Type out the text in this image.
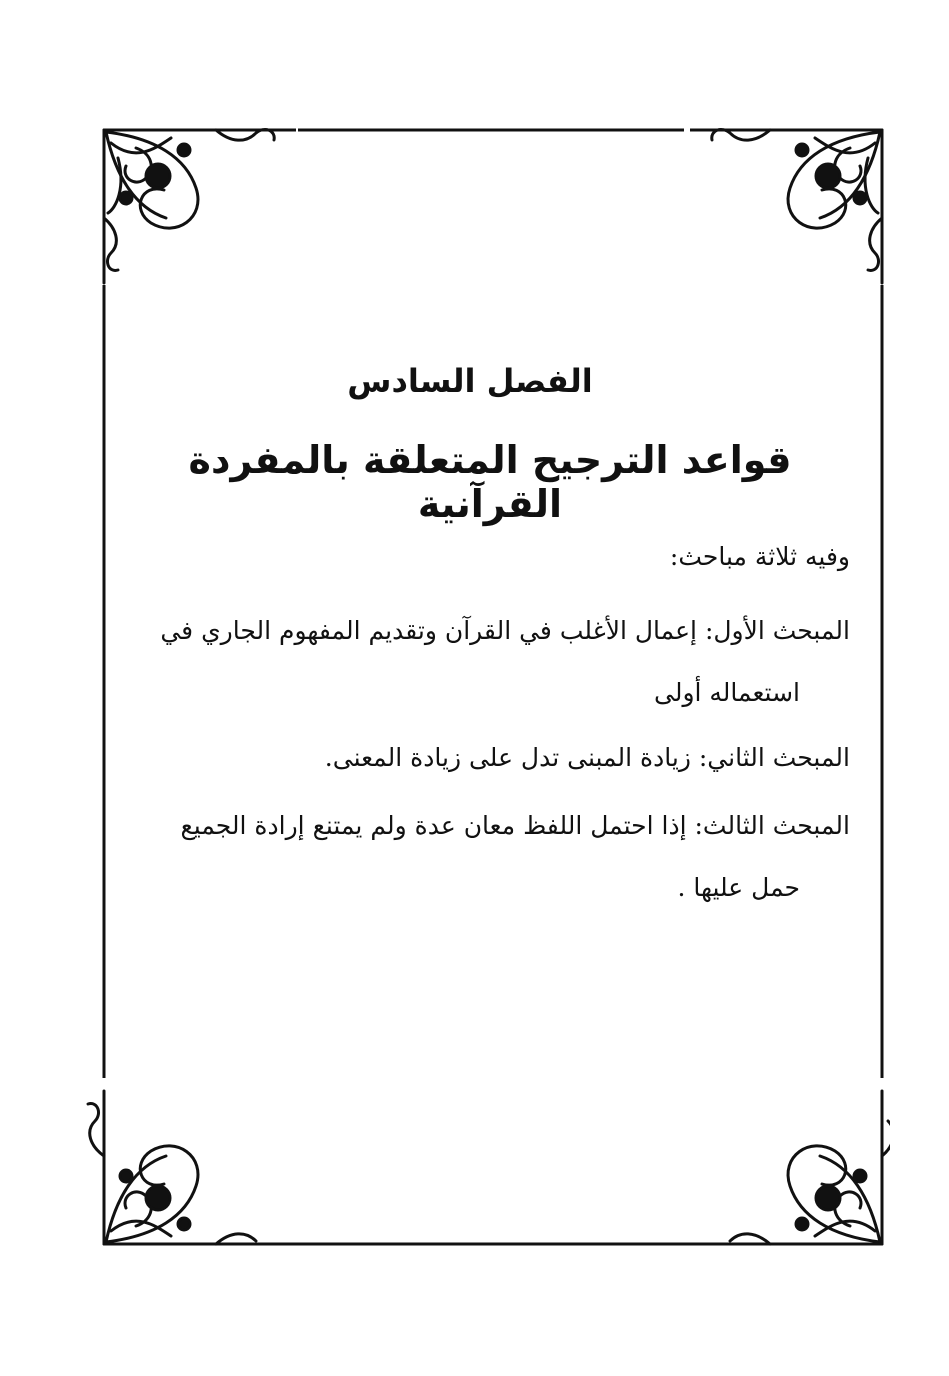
الفصل السادس
قواعد الترجيح المتعلقة بالمفردة القرآنية
وفيه ثلاثة مباحث:
المبحث الأول: إعمال الأغلب في القرآن وتقديم المفهوم الجاري في
استعماله أولى
المبحث الثاني: زيادة المبنى تدل على زيادة المعنى.
المبحث الثالث: إذا احتمل اللفظ معان عدة ولم يمتنع إرادة الجميع
حمل عليها .
